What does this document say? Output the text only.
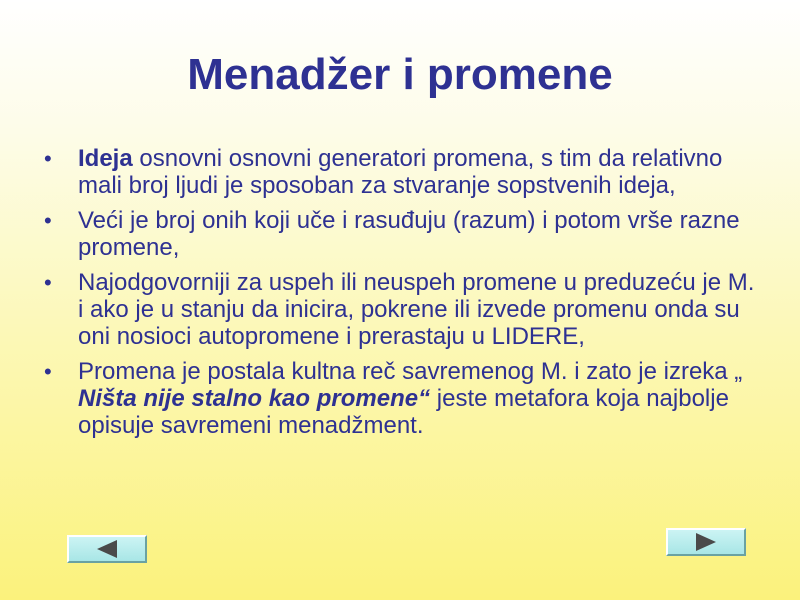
Menadžer i promene
• Ideja osnovni osnovni generatori promena, s tim da relativno mali broj ljudi je sposoban za stvaranje sopstvenih ideja,
• Veći je broj onih koji uče i rasuđuju (razum) i potom vrše razne promene,
• Najodgovorniji za uspeh ili neuspeh promene u preduzeću je M. i ako je u stanju da inicira, pokrene ili izvede promenu onda su oni nosioci autopromene i prerastaju u LIDERE,
• Promena je postala kultna reč savremenog M. i zato je izreka „ Ništa nije stalno kao promene“ jeste metafora koja najbolje opisuje savremeni menadžment.
